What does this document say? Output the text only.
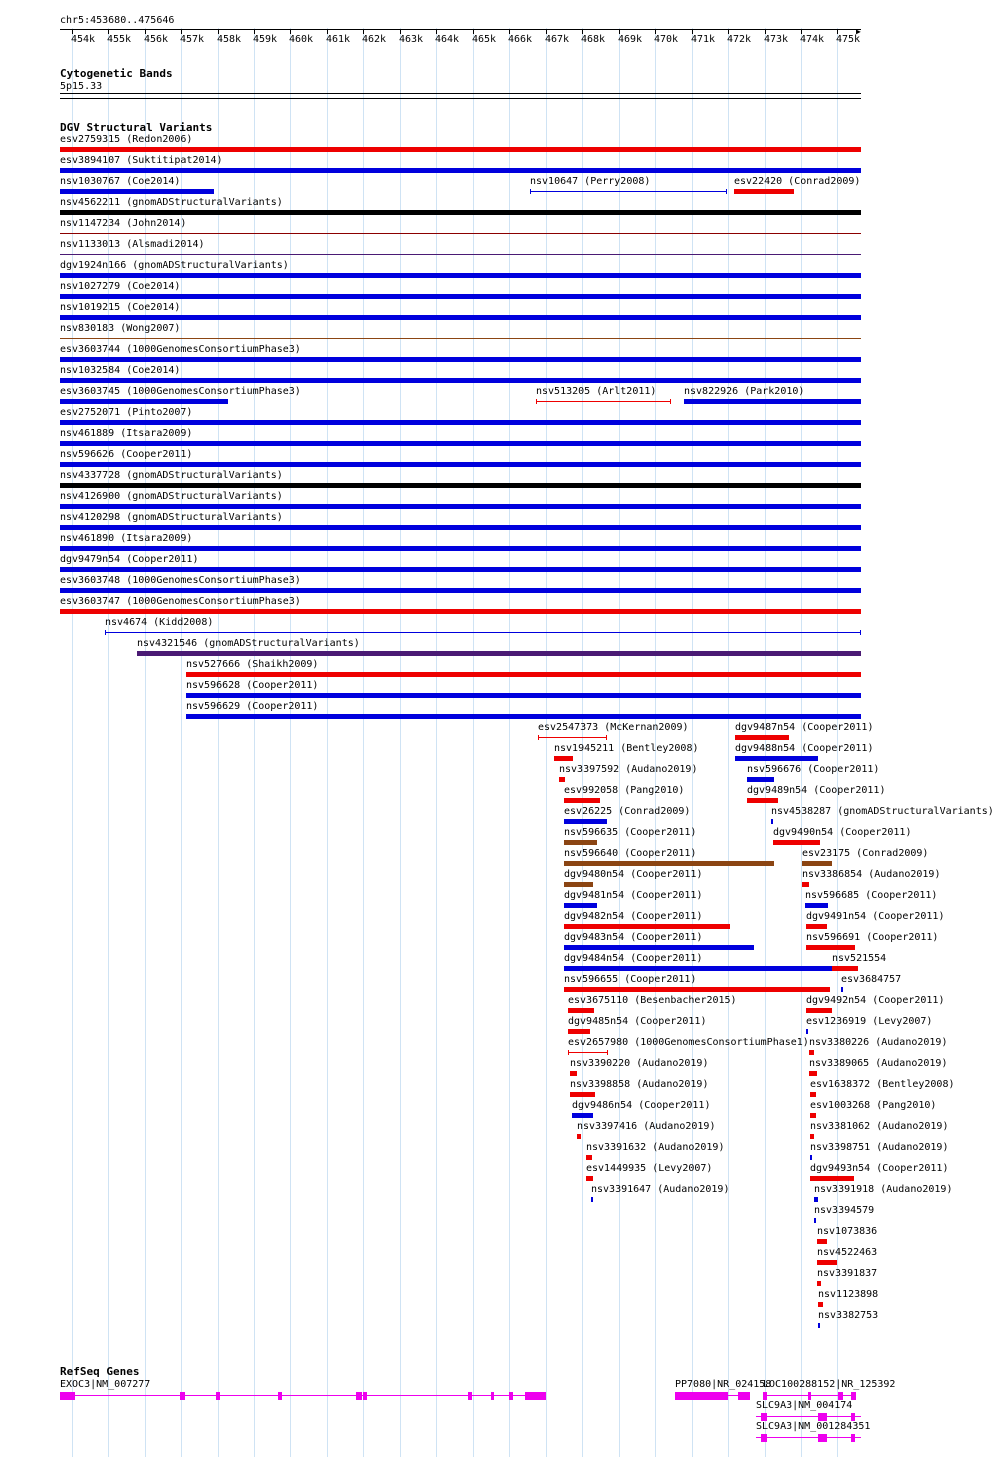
chr5:453680..475646
▶
454k 455k 456k 457k 458k 459k 460k 461k 462k 463k 464k 465k 466k 467k 468k 469k 470k 471k 472k 473k 474k 475k
Cytogenetic Bands
5p15.33
DGV Structural Variants
esv2759315 (Redon2006)
esv3894107 (Suktitipat2014)
nsv1030767 (Coe2014)	nsv10647 (Perry2008)	esv22420 (Conrad2009)
nsv4562211 (gnomADStructuralVariants)
nsv1147234 (John2014)
nsv1133013 (Alsmadi2014)
dgv1924n166 (gnomADStructuralVariants)
nsv1027279 (Coe2014)
nsv1019215 (Coe2014)
nsv830183 (Wong2007)
esv3603744 (1000GenomesConsortiumPhase3)
nsv1032584 (Coe2014)
esv3603745 (1000GenomesConsortiumPhase3)	nsv513205 (Arlt2011)	nsv822926 (Park2010)
esv2752071 (Pinto2007)
nsv461889 (Itsara2009)
nsv596626 (Cooper2011)
nsv4337728 (gnomADStructuralVariants)
nsv4126900 (gnomADStructuralVariants)
nsv4120298 (gnomADStructuralVariants)
nsv461890 (Itsara2009)
dgv9479n54 (Cooper2011)
esv3603748 (1000GenomesConsortiumPhase3)
esv3603747 (1000GenomesConsortiumPhase3)
nsv4674 (Kidd2008)
nsv4321546 (gnomADStructuralVariants)
nsv527666 (Shaikh2009)
nsv596628 (Cooper2011)
nsv596629 (Cooper2011)
esv2547373 (McKernan2009)	dgv9487n54 (Cooper2011)
nsv1945211 (Bentley2008)	dgv9488n54 (Cooper2011)
nsv3397592 (Audano2019)	nsv596676 (Cooper2011)
esv992058 (Pang2010)	dgv9489n54 (Cooper2011)
esv26225 (Conrad2009)	nsv4538287 (gnomADStructuralVariants)
nsv596635 (Cooper2011)	dgv9490n54 (Cooper2011)
nsv596640 (Cooper2011)	esv23175 (Conrad2009)
dgv9480n54 (Cooper2011)	nsv3386854 (Audano2019)
dgv9481n54 (Cooper2011)	nsv596685 (Cooper2011)
dgv9482n54 (Cooper2011)	dgv9491n54 (Cooper2011)
dgv9483n54 (Cooper2011)	nsv596691 (Cooper2011)
dgv9484n54 (Cooper2011)	nsv521554
nsv596655 (Cooper2011)	esv3684757
esv3675110 (Besenbacher2015)	dgv9492n54 (Cooper2011)
dgv9485n54 (Cooper2011)	esv1236919 (Levy2007)
esv2657980 (1000GenomesConsortiumPhase1) nsv3380226 (Audano2019)
nsv3390220 (Audano2019)	nsv3389065 (Audano2019)
nsv3398858 (Audano2019)	esv1638372 (Bentley2008)
dgv9486n54 (Cooper2011)	esv1003268 (Pang2010)
nsv3397416 (Audano2019)	nsv3381062 (Audano2019)
nsv3391632 (Audano2019)	nsv3398751 (Audano2019)
esv1449935 (Levy2007)	dgv9493n54 (Cooper2011)
nsv3391647 (Audano2019)	nsv3391918 (Audano2019)
nsv3394579
nsv1073836
nsv4522463
nsv3391837
nsv1123898
nsv3382753
RefSeq Genes
EXOC3|NM_007277	PP7080|NR_024158
LOC100288152|NR_125392
SLC9A3|NM_004174
SLC9A3|NM_001284351
